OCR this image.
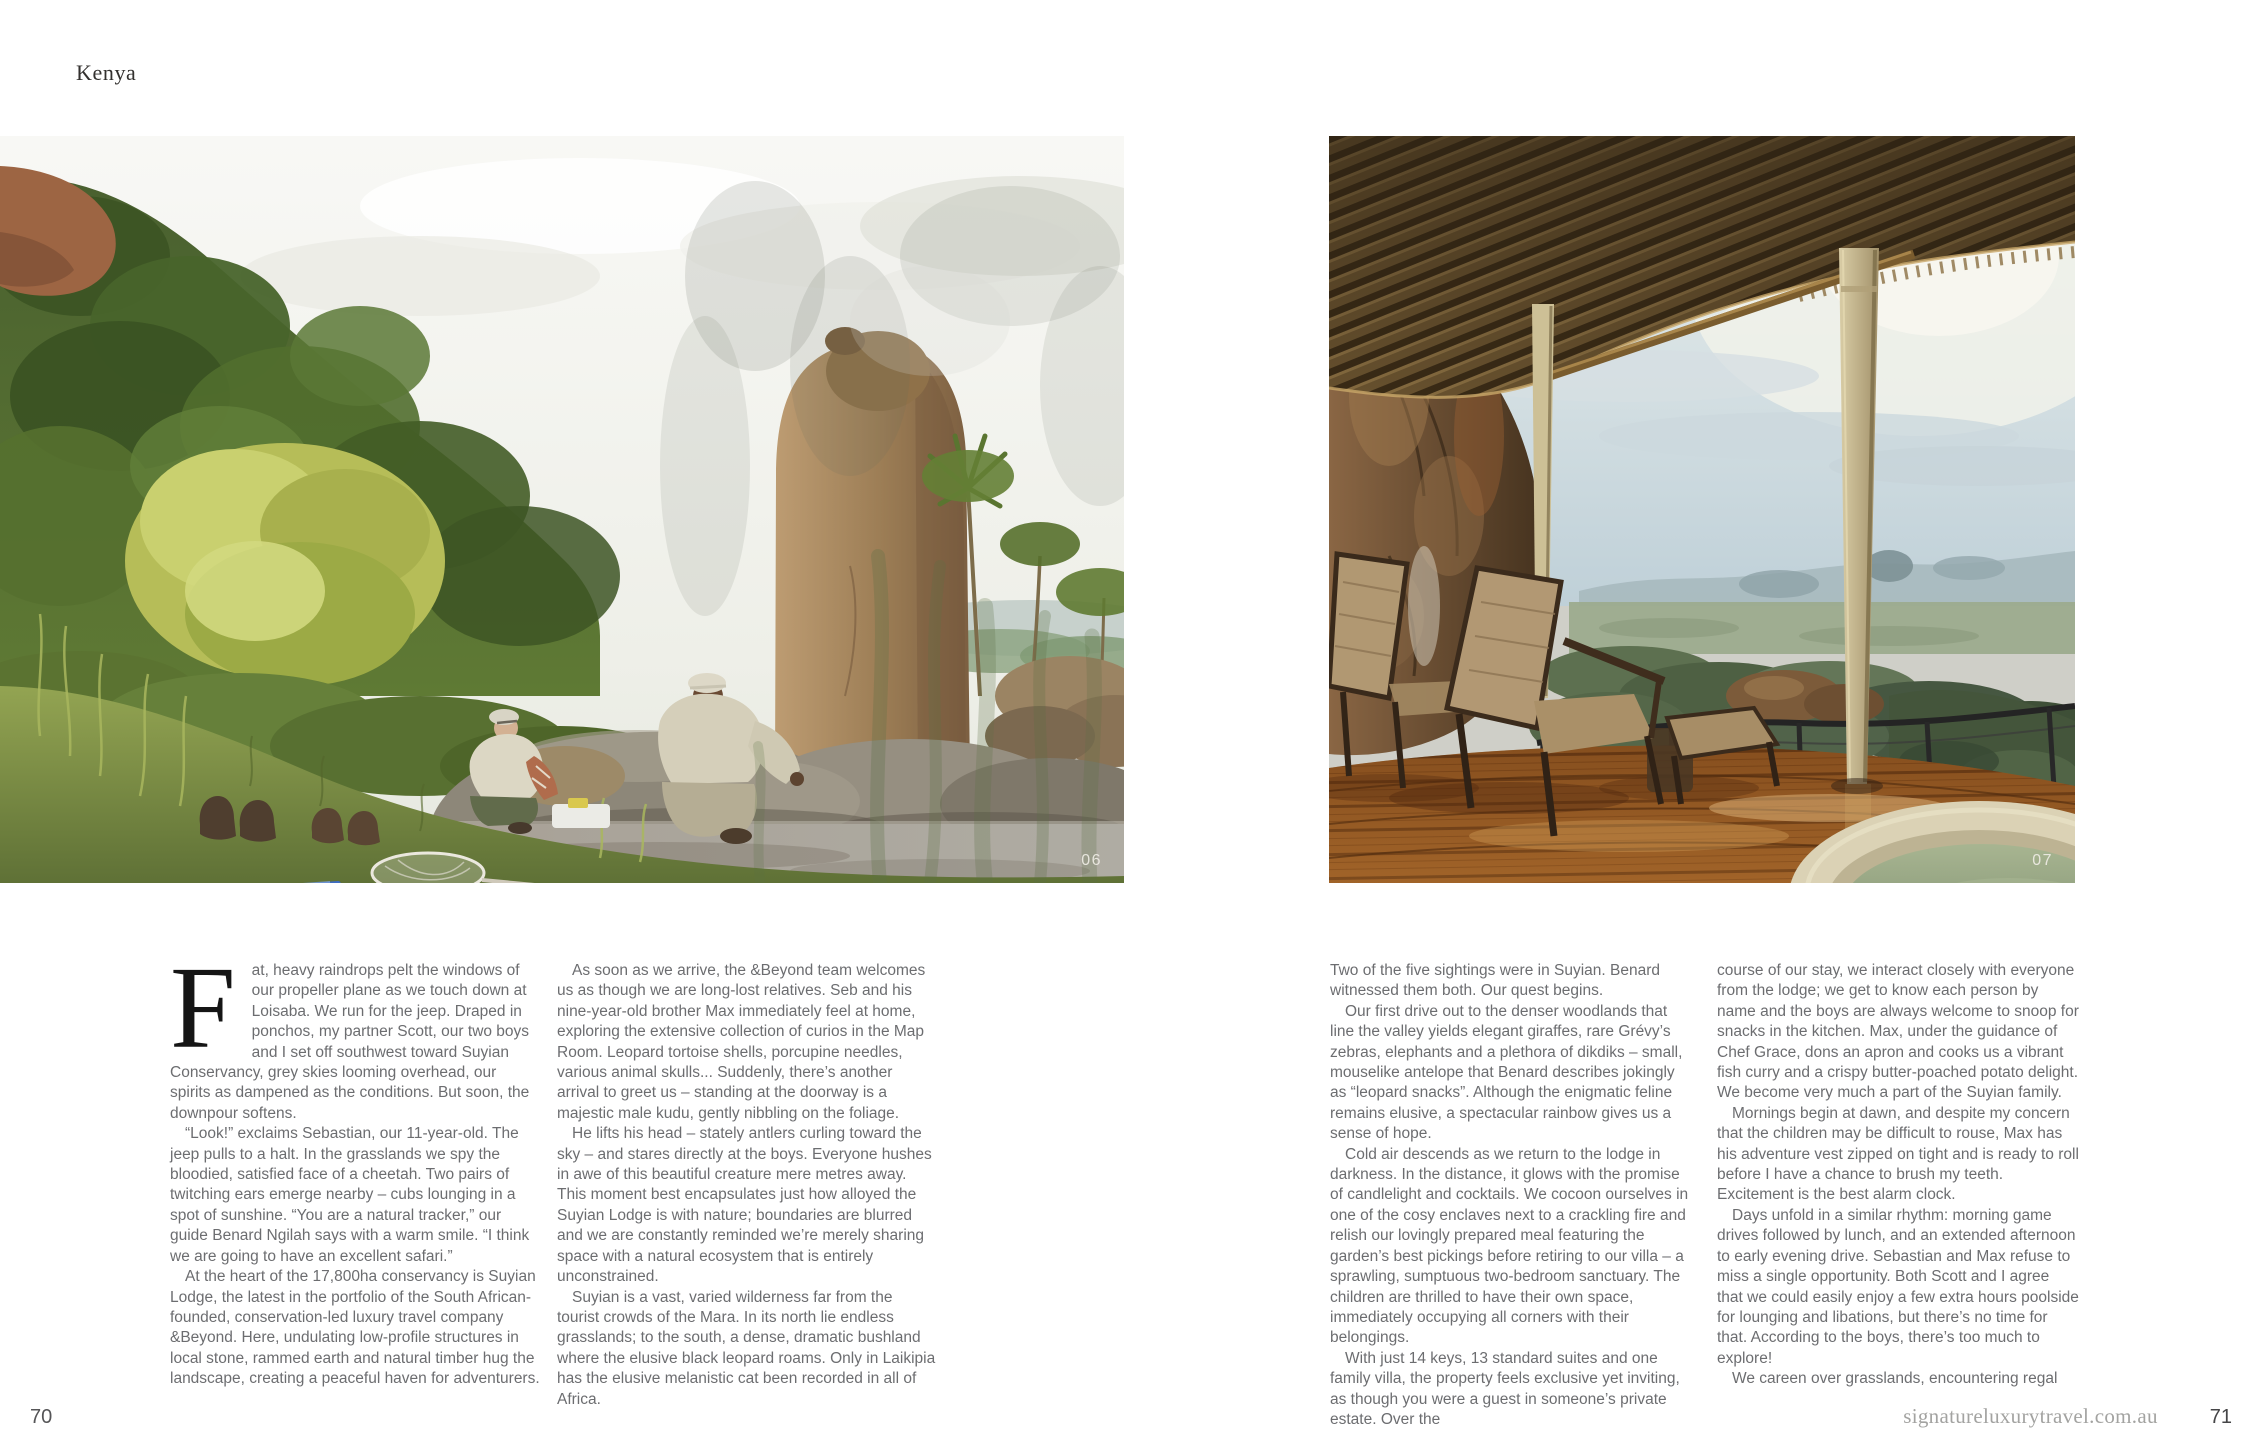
Kenya
06	07

F	at, heavy raindrops pelt the windows of our propeller plane as we touch down at Loisaba. We run for the jeep. Draped in ponchos, my partner Scott, our two boys and I set off southwest toward Suyian Conservancy, grey skies looming overhead, our spirits as dampened as the conditions. But soon, the downpour softens.

“Look!” exclaims Sebastian, our 11-year-old. The jeep pulls to a halt. In the grasslands we spy the bloodied, satisfied face of a cheetah. Two pairs of twitching ears emerge nearby – cubs lounging in a spot of sunshine. “You are a natural tracker,” our guide Benard Ngilah says with a warm smile. “I think we are going to have an excellent safari.”

At the heart of the 17,800ha conservancy is Suyian Lodge, the latest in the portfolio of the South African-founded, conservation-led luxury travel company &Beyond. Here, undulating low-profile structures in local stone, rammed earth and natural timber hug the landscape, creating a peaceful haven for adventurers.

As soon as we arrive, the &Beyond team welcomes us as though we are long-lost relatives. Seb and his nine-year-old brother Max immediately feel at home, exploring the extensive collection of curios in the Map Room. Leopard tortoise shells, porcupine needles, various animal skulls... Suddenly, there’s another arrival to greet us – standing at the doorway is a majestic male kudu, gently nibbling on the foliage.

He lifts his head – stately antlers curling toward the sky – and stares directly at the boys. Everyone hushes in awe of this beautiful creature mere metres away. This moment best encapsulates just how alloyed the Suyian Lodge is with nature; boundaries are blurred and we are constantly reminded we’re merely sharing space with a natural ecosystem that is entirely unconstrained.

Suyian is a vast, varied wilderness far from the tourist crowds of the Mara. In its north lie endless grasslands; to the south, a dense, dramatic bushland where the elusive black leopard roams. Only in Laikipia has the elusive melanistic cat been recorded in all of Africa.

Two of the five sightings were in Suyian. Benard witnessed them both. Our quest begins.

Our first drive out to the denser woodlands that line the valley yields elegant giraffes, rare Grévy’s zebras, elephants and a plethora of dikdiks – small, mouselike antelope that Benard describes jokingly as “leopard snacks”. Although the enigmatic feline remains elusive, a spectacular rainbow gives us a sense of hope.

Cold air descends as we return to the lodge in darkness. In the distance, it glows with the promise of candlelight and cocktails. We cocoon ourselves in one of the cosy enclaves next to a crackling fire and relish our lovingly prepared meal featuring the garden’s best pickings before retiring to our villa – a sprawling, sumptuous two-bedroom sanctuary. The children are thrilled to have their own space, immediately occupying all corners with their belongings.

With just 14 keys, 13 standard suites and one family villa, the property feels exclusive yet inviting, as though you were a guest in someone’s private estate. Over the

course of our stay, we interact closely with everyone from the lodge; we get to know each person by name and the boys are always welcome to snoop for snacks in the kitchen. Max, under the guidance of Chef Grace, dons an apron and cooks us a vibrant fish curry and a crispy butter-poached potato delight. We become very much a part of the Suyian family.

Mornings begin at dawn, and despite my concern that the children may be difficult to rouse, Max has his adventure vest zipped on tight and is ready to roll before I have a chance to brush my teeth. Excitement is the best alarm clock.

Days unfold in a similar rhythm: morning game drives followed by lunch, and an extended afternoon to early evening drive. Sebastian and Max refuse to miss a single opportunity. Both Scott and I agree that we could easily enjoy a few extra hours poolside for lounging and libations, but there’s no time for that. According to the boys, there’s too much to explore!

We careen over grasslands, encountering regal

70	signatureluxurytravel.com.au	71
